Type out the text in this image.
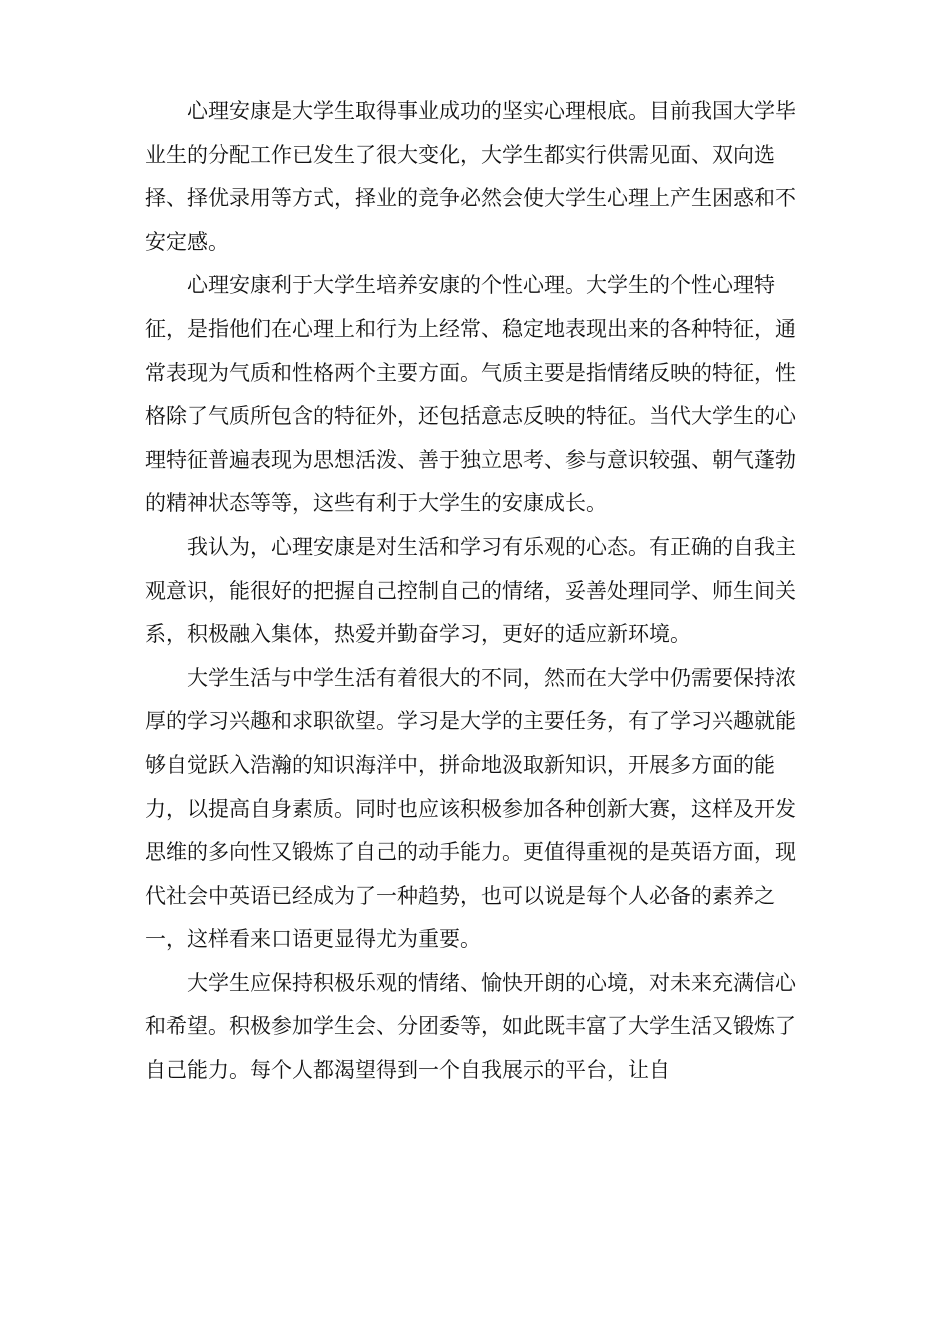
心理安康是大学生取得事业成功的坚实心理根底。目前我国大学毕业生的分配工作已发生了很大变化，大学生都实行供需见面、双向选择、择优录用等方式，择业的竞争必然会使大学生心理上产生困惑和不安定感。

心理安康利于大学生培养安康的个性心理。大学生的个性心理特征，是指他们在心理上和行为上经常、稳定地表现出来的各种特征，通常表现为气质和性格两个主要方面。气质主要是指情绪反映的特征，性格除了气质所包含的特征外，还包括意志反映的特征。当代大学生的心理特征普遍表现为思想活泼、善于独立思考、参与意识较强、朝气蓬勃的精神状态等等，这些有利于大学生的安康成长。

我认为，心理安康是对生活和学习有乐观的心态。有正确的自我主观意识，能很好的把握自己控制自己的情绪，妥善处理同学、师生间关系，积极融入集体，热爱并勤奋学习，更好的适应新环境。

大学生活与中学生活有着很大的不同，然而在大学中仍需要保持浓厚的学习兴趣和求职欲望。学习是大学的主要任务，有了学习兴趣就能够自觉跃入浩瀚的知识海洋中，拼命地汲取新知识，开展多方面的能力，以提高自身素质。同时也应该积极参加各种创新大赛，这样及开发思维的多向性又锻炼了自己的动手能力。更值得重视的是英语方面，现代社会中英语已经成为了一种趋势，也可以说是每个人必备的素养之一，这样看来口语更显得尤为重要。

大学生应保持积极乐观的情绪、愉快开朗的心境，对未来充满信心和希望。积极参加学生会、分团委等，如此既丰富了大学生活又锻炼了自己能力。每个人都渴望得到一个自我展示的平台，让自
